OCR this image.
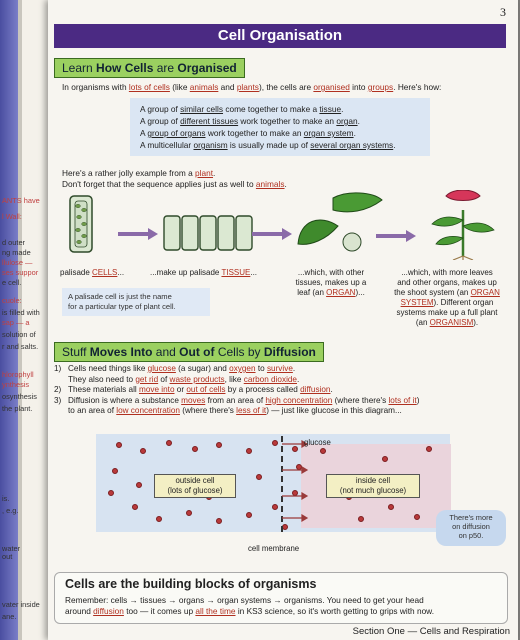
ANTS have
l Wall:
d outer
ng made
llulose —
ses suppor
e cell.
cuole:
is filled with
sap — a
solution of
r and salts.
hlorophyll
ynthesis
osynthesis
the plant.
is.
, e.g.
water
out
vater inside
ane.
3
Cell Organisation
Learn How Cells are Organised
In organisms with lots of cells (like animals and plants), the cells are organised into groups. Here's how:
A group of similar cells come together to make a tissue.
A group of different tissues work together to make an organ.
A group of organs work together to make an organ system.
A multicellular organism is usually made up of several organ systems.
Here's a rather jolly example from a plant.
Don't forget that the sequence applies just as well to animals.
palisade CELLS...	...make up palisade TISSUE...	...which, with other
tissues, makes up a
leaf (an ORGAN)...
...which, with more leaves
and other organs, makes up
the shoot system (an ORGAN
SYSTEM). Different organ
systems make up a full plant
(an ORGANISM).
A palisade cell is just the name
for a particular type of plant cell.
Stuff Moves Into and Out of Cells by Diffusion
1) Cells need things like glucose (a sugar) and oxygen to survive.
They also need to get rid of waste products, like carbon dioxide.
2) These materials all move into or out of cells by a process called diffusion.
3) Diffusion is where a substance moves from an area of high concentration (where there's lots of it)
to an area of low concentration (where there's less of it) — just like glucose in this diagram...
outside cell
(lots of glucose)
inside cell
(not much glucose)
glucose
cell membrane
There's more
on diffusion
on p50.
Cells are the building blocks of organisms
Remember: cells → tissues → organs → organ systems → organisms. You need to get your head
around diffusion too — it comes up all the time in KS3 science, so it's worth getting to grips with now.
Section One — Cells and Respiration
